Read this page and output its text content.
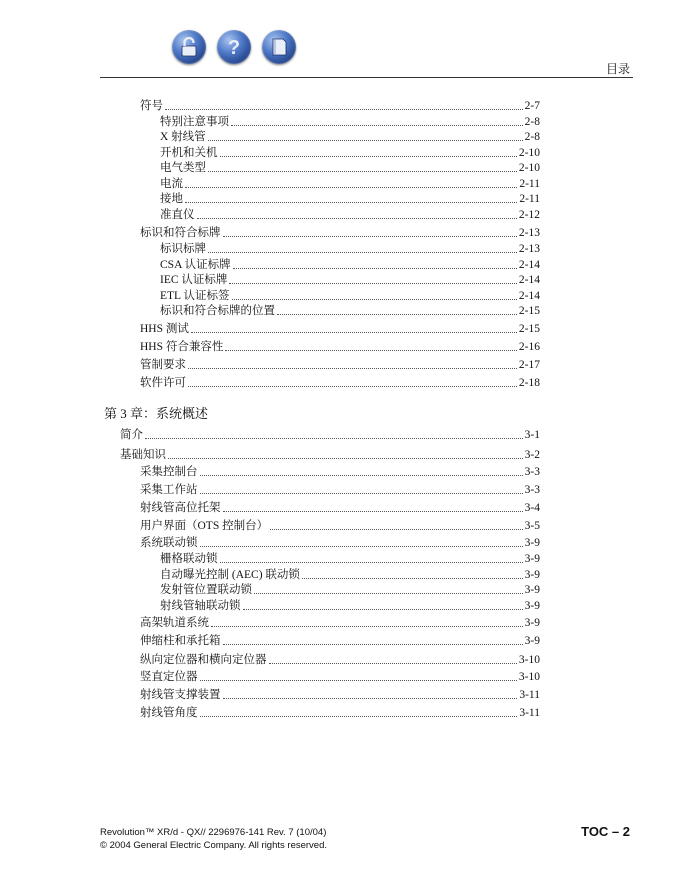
?
目录
符号	2-7
特别注意事项	2-8
X 射线管	2-8
开机和关机	2-10
电气类型	2-10
电流	2-11
接地	2-11
准直仪	2-12
标识和符合标牌	2-13
标识标牌	2-13
CSA 认证标牌	2-14
IEC 认证标牌	2-14
ETL 认证标签	2-14
标识和符合标牌的位置	2-15
HHS 测试	2-15
HHS 符合兼容性	2-16
管制要求	2-17
软件许可	2-18
第 3 章：系统概述
简介	3-1
基础知识	3-2
采集控制台	3-3
采集工作站	3-3
射线管高位托架	3-4
用户界面（OTS 控制台）	3-5
系统联动锁	3-9
栅格联动锁	3-9
自动曝光控制 (AEC) 联动锁	3-9
发射管位置联动锁	3-9
射线管轴联动锁	3-9
高架轨道系统	3-9
伸缩柱和承托箱	3-9
纵向定位器和横向定位器	3-10
竖直定位器	3-10
射线管支撑装置	3-11
射线管角度	3-11
Revolution™ XR/d - QX// 2296976-141 Rev. 7 (10/04)
© 2004 General Electric Company. All rights reserved.
TOC – 2
